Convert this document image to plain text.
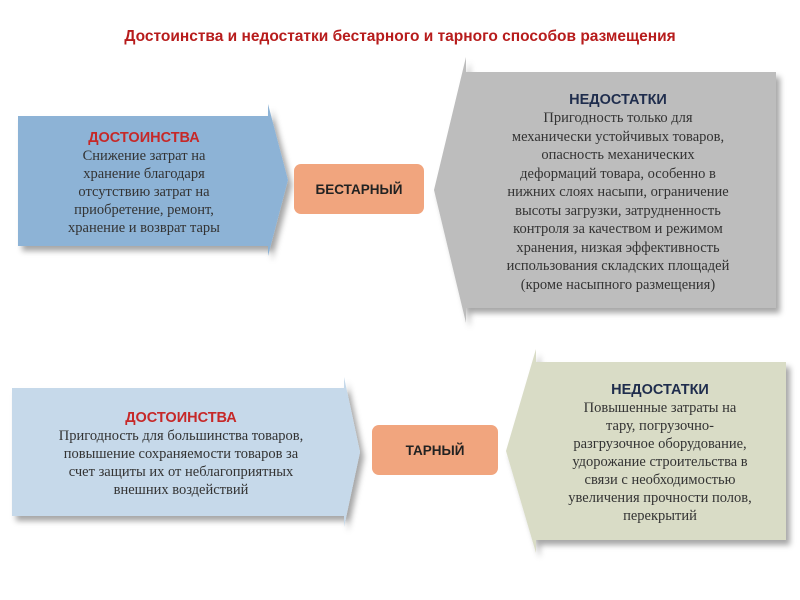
Достоинства и недостатки бестарного и тарного способов размещения
ДОСТОИНСТВА
Снижение затрат на
хранение благодаря
отсутствию затрат на
приобретение, ремонт,
хранение и возврат тары
БЕСТАРНЫЙ
НЕДОСТАТКИ
Пригодность только для
механически устойчивых товаров,
опасность механических
деформаций товара, особенно в
нижних слоях насыпи, ограничение
высоты загрузки, затрудненность
контроля за качеством и режимом
хранения, низкая эффективность
использования складских площадей
(кроме насыпного размещения)
ДОСТОИНСТВА
Пригодность для большинства товаров,
повышение сохраняемости товаров за
счет защиты их от неблагоприятных
внешних воздействий
ТАРНЫЙ
НЕДОСТАТКИ
Повышенные затраты на
тару, погрузочно-
разгрузочное оборудование,
удорожание строительства в
связи с необходимостью
увеличения прочности полов,
перекрытий
